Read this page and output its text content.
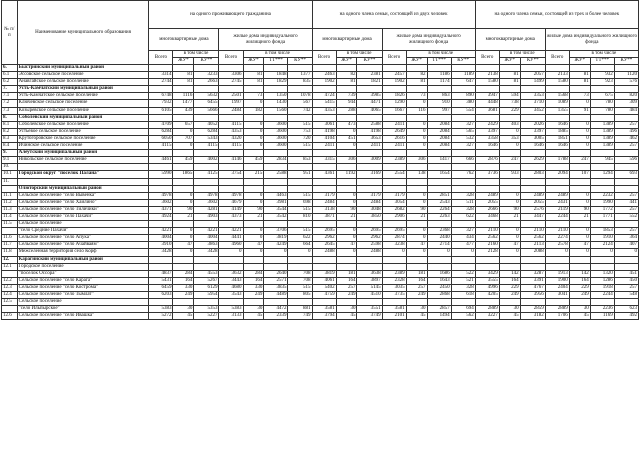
№ п/п	Наименование муниципального образования	на одного проживающего гражданина							на одного члена семьи, состоящей из двух человек							на одного члена семьи, состоящей из трех и более человек						
		многоквартирные дома			жилые дома индивидуального жилищного фонда				многоквартирные дома			жилые дома индивидуального жилищного фонда				многоквартирные дома			жилые дома индивидуального жилищного фонда			
		Всего	в том числе		Всего	в том числе			Всего	в том числе		Всего	в том числе			Всего	в том числе		Всего	в том числе		
			ЖУ*	КУ**		ЖУ*	ТТ***	КУ**		ЖУ*	КУ**		ЖУ*	ТТ***	КУ**		ЖУ*	КУ**		ЖУ*	ТТ***	КУ**
6.	Быстринский муниципальный район																					
6.1	Эссовское сельское поселение	3314	81	3233	3306	81	1848	1377	2463	82	2381	2457	82	1186	1189	2138	81	2057	2133	81	932	1120
6.2	Анавгайское сельское поселение	2744	81	2663	2745	81	1829	835	1902	81	1821	1902	81	1174	647	1580	81	1499	1580	81	923	576
7.	Усть-Камчатский муниципальный район																					
7.1	Усть-Камчатское сельское поселение	6748	1116	5632	2501	73	1350	1078	4724	739	3985	1826	73	863	890	3947	594	3353	1568	73	675	820
7.2	Ключевское сельское поселение	7932	1477	6455	1997	0	1430	567	5415	944	4471	1290	0	910	380	4448	738	3710	1089	0	780	309
7.3	Козыревское сельское поселение	6105	439	5666	2484	182	1560	742	4353	288	4065	1667	116	997	554	3681	229	3452	1355	91	780	484
8.	Соболевский муниципальный район																					
8.1	Соболевское сельское поселение	4709	657	4052	4115	0	3600	515	3061	473	2588	2411	0	2084	327	2429	403	2026	1646	0	1389	257
8.2	Устьевое сельское поселение	6284	0	6284	4353	0	3600	753	4198	0	4198	2649	0	2084	565	3397	0	3397	1885	0	1389	496
8.3	Крутогоровское сельское поселение	6050	707	5343	4320	0	3600	720	4104	451	3653	2616	0	2084	532	3358	353	3005	1851	0	1389	462
8.4	Ичинское сельское поселение	4115	0	4115	4115	0	3600	515	2411	0	2411	2411	0	2084	327	1646	0	1646	1646	0	1389	257
9.	Алеутский муниципальный район																					
9.1	Никольское сельское поселение	4461	459	4002	4146	459	2834	853	3315	306	3009	2389	306	1417	666	2876	247	2629	1788	247	945	596
10.																						
10.1	Городской округ "поселок Палана"	5990	1865	4125	3754	215	2588	951	4361	1192	3169	2554	138	1654	762	3736	933	2803	2094	107	1294	693
11.																						
	Олюторский муниципальный район																					
11.1	Сельское поселение "село Вывенка"	4978	0	4978	4978	0	4463	515	3179	0	3179	3179	0	2851	328	2489	0	2489	2489	0	2232	257
11.2	Сельское поселение "село Хаилино"	3602	0	3602	4679	0	3981	698	2484	0	2484	3054	0	2543	511	2055	0	2055	2431	0	1990	441
11.3	Сельское поселение "село Тиличики"	4371	90	4281	4149	90	3544	515	3138	90	3048	2682	90	2264	328	2666	90	2576	2119	90	1772	257
11.4	Сельское поселение "село Пахачи"	4924	21	4903	4373	21	3542	810	3871	21	3850	2906	21	2263	622	3468	21	3447	2244	21	1771	552
11.5	Сельское поселение																					
	"село Средние Пахачи"	4221	0	4221	4221	0	3706	515	2695	0	2695	2695	0	2368	327	2110	0	2110	2110	0	1853	257
11.6	Сельское поселение "село Апука"	4004	0	4004	4441	0	3819	622	2962	0	2962	2874	0	2440	434	2562	0	2562	2274	0	1910	364
11.7	Сельское поселение "село Ачайваям"	3910	47	3863	4960	47	4249	664	2645	47	2598	3238	47	2714	477	2160	47	2113	2578	47	2124	407
11.8	Межселенная территория село Корф	3428	0	3428	0	0	0	0	2488	0	2488	0	0	0	0	2128	0	2088	0	0	0	0
12.	Карагинский муниципальный район																					
12.1	Городское поселение																					
	"поселок Оссора"	4837	284	4553	3632	284	2640	708	3819	181	3638	2389	181	1686	522	3429	142	3287	1913	142	1320	451
12.2	Сельское поселение "село Карага"	5431	164	5267	3443	164	2571	708	4061	164	3897	2328	164	1643	521	3555	164	3391	1900	164	1286	450
12.3	Сельское поселение "село Кострома"	6459	330	6129	4680	330	3835	515	5402	257	5145	3035	257	2450	328	4996	229	4767	2404	229	1918	257
12.4	Сельское поселение "село Тымлат"	6203	249	5954	3543	249	4489	805	4759	249	4510	3735	249	2868	618	4205	249	3956	3041	249	2244	548
12.5	Сельское поселение																					
	"село Ильпырское"	5383	30	5353	5383	30	4472	881	3581	30	3551	3581	30	2857	694	2889	30	2859	2889	30	2236	623
12.6	Сельское поселение "село Ивашка"	5272	45	5227	3133	45	2339	749	3794	45	3749	2101	45	1494	562	3227	45	3182	1706	45	1169	492
